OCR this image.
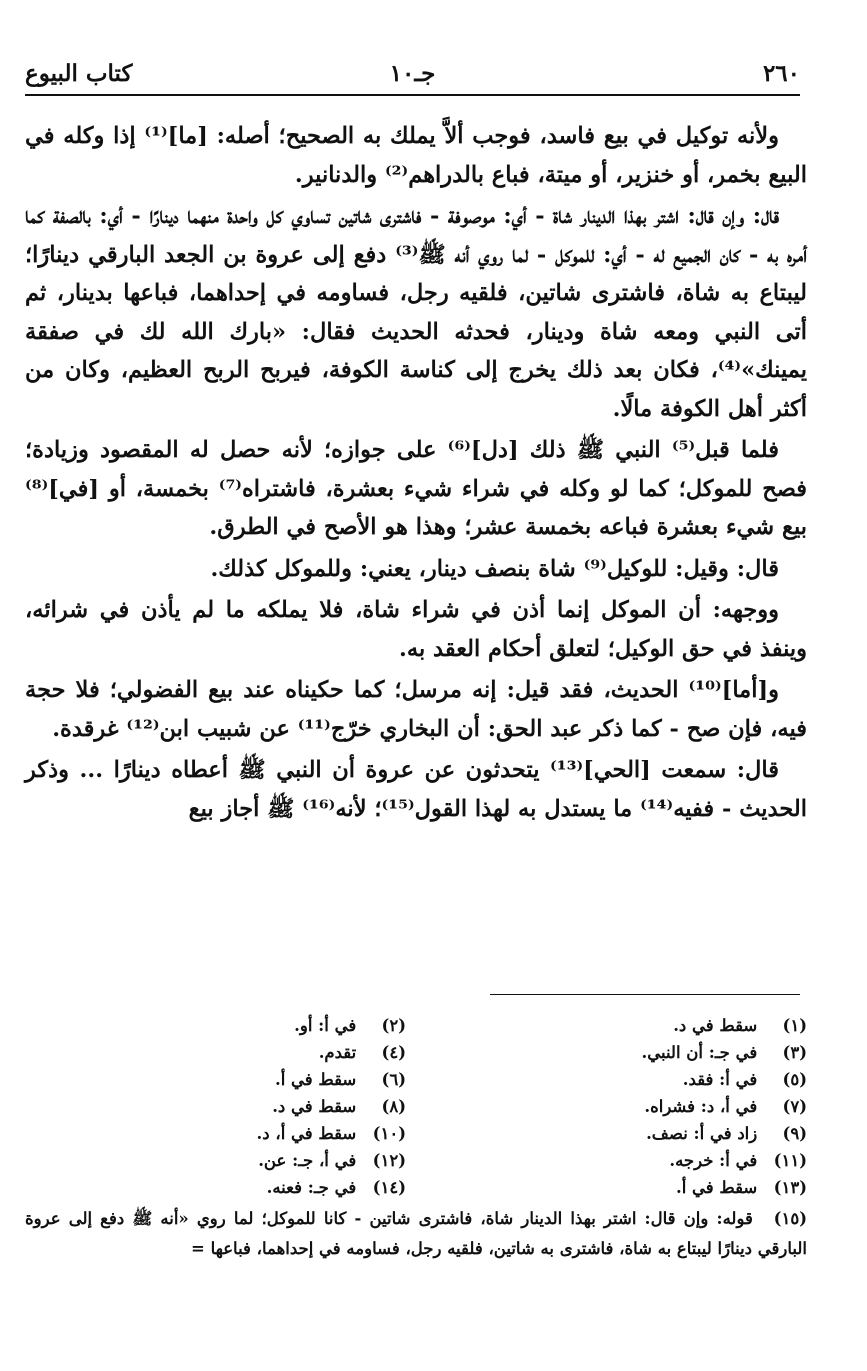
٢٦٠
جـ١٠
كتاب البيوع

ولأنه توكيل في بيع فاسد، فوجب ألاَّ يملك به الصحيح؛ أصله: [ما]⁽¹⁾ إذا وكله في البيع بخمر، أو خنزير، أو ميتة، فباع بالدراهم⁽²⁾ والدنانير.

قال: وإن قال: اشتر بهذا الدينار شاة - أي: موصوفة - فاشترى شاتين تساوي كل واحدة منهما دينارًا - أي: بالصفة كما أمره به - كان الجميع له - أي: للموكل - لما روي أنه ﷺ⁽³⁾ دفع إلى عروة بن الجعد البارقي دينارًا؛ ليبتاع به شاة، فاشترى شاتين، فلقيه رجل، فساومه في إحداهما، فباعها بدينار، ثم أتى النبي ومعه شاة ودينار، فحدثه الحديث فقال: «بارك الله لك في صفقة يمينك»⁽⁴⁾، فكان بعد ذلك يخرج إلى كناسة الكوفة، فيربح الربح العظيم، وكان من أكثر أهل الكوفة مالًا.

فلما قبل⁽⁵⁾ النبي ﷺ ذلك [دل]⁽⁶⁾ على جوازه؛ لأنه حصل له المقصود وزيادة؛ فصح للموكل؛ كما لو وكله في شراء شيء بعشرة، فاشتراه⁽⁷⁾ بخمسة، أو [في]⁽⁸⁾ بيع شيء بعشرة فباعه بخمسة عشر؛ وهذا هو الأصح في الطرق.

قال: وقيل: للوكيل⁽⁹⁾ شاة بنصف دينار، يعني: وللموكل كذلك.

ووجهه: أن الموكل إنما أذن في شراء شاة، فلا يملكه ما لم يأذن في شرائه، وينفذ في حق الوكيل؛ لتعلق أحكام العقد به.

و[أما]⁽¹⁰⁾ الحديث، فقد قيل: إنه مرسل؛ كما حكيناه عند بيع الفضولي؛ فلا حجة فيه، فإن صح - كما ذكر عبد الحق: أن البخاري خرّج⁽¹¹⁾ عن شبيب ابن⁽¹²⁾ غرقدة.

قال: سمعت [الحي]⁽¹³⁾ يتحدثون عن عروة أن النبي ﷺ أعطاه دينارًا ... وذكر الحديث - ففيه⁽¹⁴⁾ ما يستدل به لهذا القول⁽¹⁵⁾؛ لأنه⁽¹⁶⁾ ﷺ أجاز بيع

(١) سقط في د.
(٢) في أ: أو.
(٣) في جـ: أن النبي.
(٤) تقدم.
(٥) في أ: فقد.
(٦) سقط في أ.
(٧) في أ، د: فشراه.
(٨) سقط في د.
(٩) زاد في أ: نصف.
(١٠) سقط في أ، د.
(١١) في أ: خرجه.
(١٢) في أ، جـ: عن.
(١٣) سقط في أ.
(١٤) في جـ: فعنه.
(١٥) قوله: وإن قال: اشتر بهذا الدينار شاة، فاشترى شاتين - كانا للموكل؛ لما روي «أنه ﷺ دفع إلى عروة البارقي دينارًا ليبتاع به شاة، فاشترى به شاتين، فلقيه رجل، فساومه في إحداهما، فباعها =
